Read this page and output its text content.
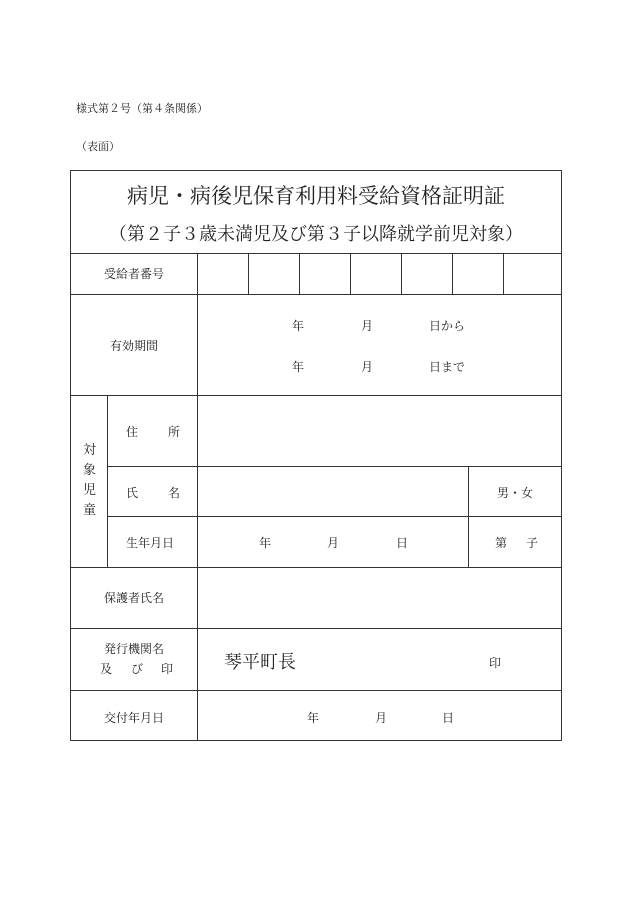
様式第２号（第４条関係）
（表面）
病児・病後児保育利用料受給資格証明証
（第２子３歳未満児及び第３子以降就学前児対象）
受給者番号
有効期間
年	月	日から
年	月	日まで
対
象
児
童
住 所
氏 名	男・女
生年月日	年	月	日	第 子
保護者氏名
発行機関名
及 び 印	琴平町長	印
交付年月日	年	月	日
